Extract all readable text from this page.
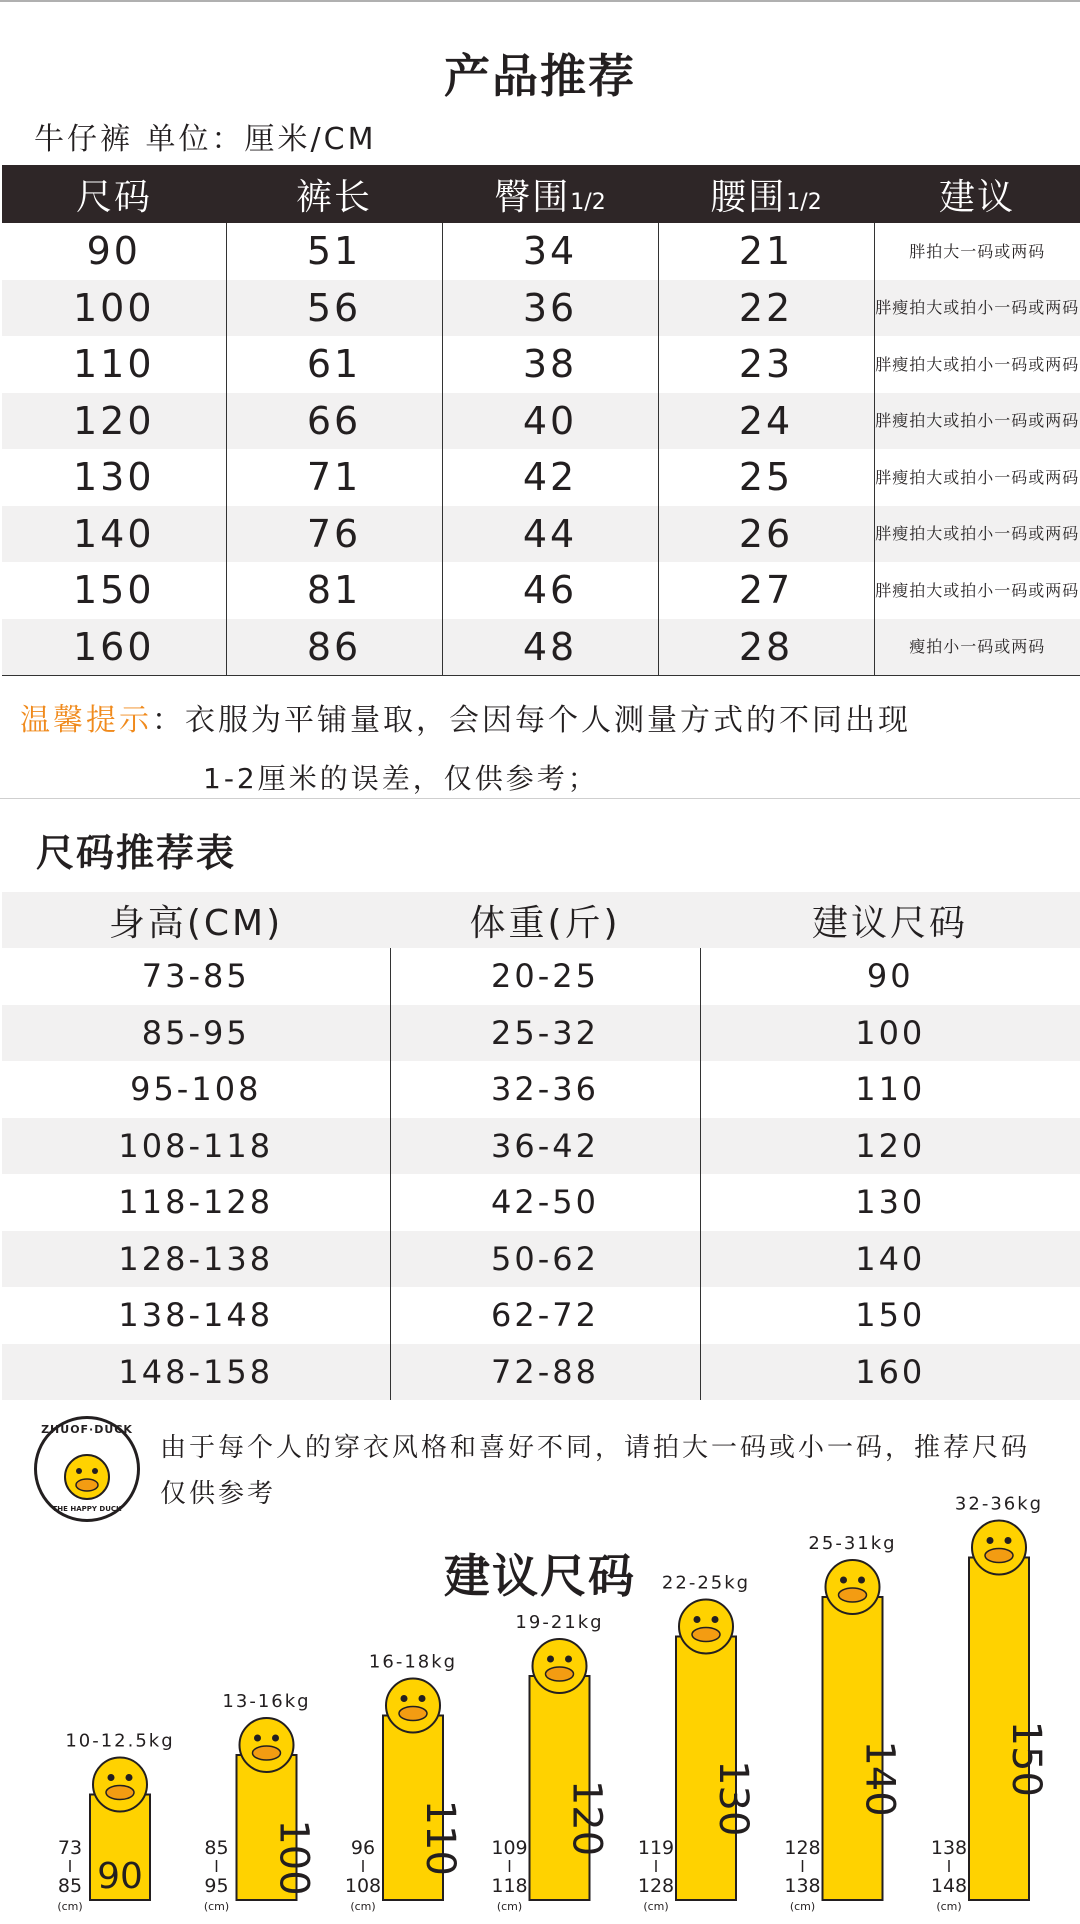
产品推荐
牛仔裤 单位：厘米/CM
尺码	裤长	臀围1/2	腰围1/2	建议
90	51	34	21	胖拍大一码或两码
100	56	36	22	胖瘦拍大或拍小一码或两码
110	61	38	23	胖瘦拍大或拍小一码或两码
120	66	40	24	胖瘦拍大或拍小一码或两码
130	71	42	25	胖瘦拍大或拍小一码或两码
140	76	44	26	胖瘦拍大或拍小一码或两码
150	81	46	27	胖瘦拍大或拍小一码或两码
160	86	48	28	瘦拍小一码或两码
温馨提示：衣服为平铺量取，会因每个人测量方式的不同出现
1-2厘米的误差，仅供参考；
尺码推荐表
身高(CM)	体重(斤)	建议尺码
73-85	20-25	90
85-95	25-32	100
95-108	32-36	110
108-118	36-42	120
118-128	42-50	130
128-138	50-62	140
138-148	62-72	150
148-158	72-88	160
ZHUOF·DUCK
THE HAPPY DUCK
由于每个人的穿衣风格和喜好不同，请拍大一码或小一码，推荐尺码仅供参考
建议尺码
90
10-12.5kg
73
85
(cm)
100
13-16kg
85
95
(cm)
110
16-18kg
96
108
(cm)
120
19-21kg
109
118
(cm)
130
22-25kg
119
128
(cm)
140
25-31kg
128
138
(cm)
150
32-36kg
138
148
(cm)
